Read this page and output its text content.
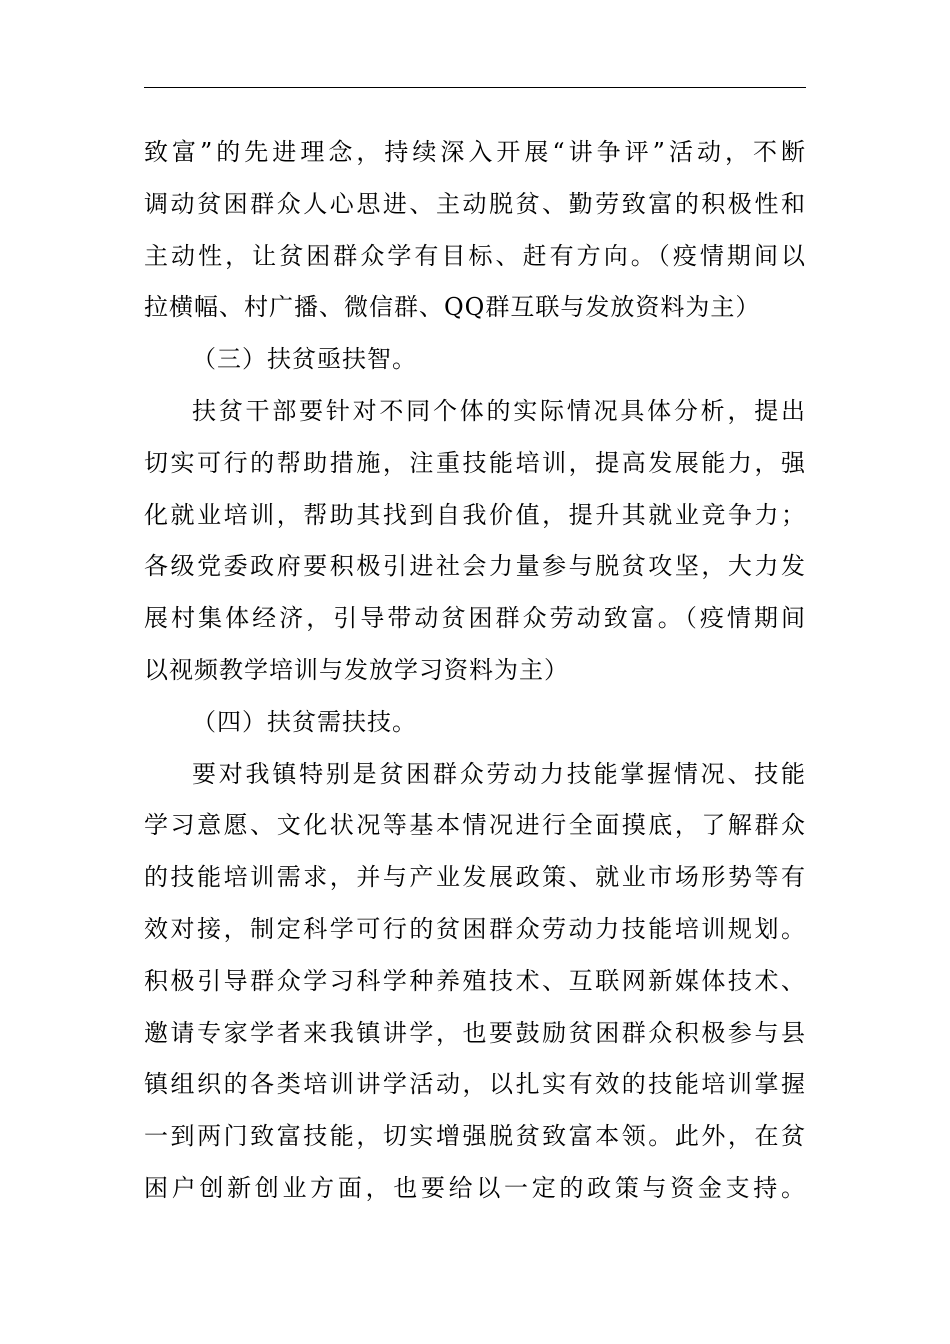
致富”的先进理念，持续深入开展“讲争评”活动，不断
调动贫困群众人心思进、主动脱贫、勤劳致富的积极性和
主动性，让贫困群众学有目标、赶有方向。（疫情期间以
拉横幅、村广播、微信群、QQ群互联与发放资料为主）
（三）扶贫亟扶智。
扶贫干部要针对不同个体的实际情况具体分析，提出
切实可行的帮助措施，注重技能培训，提高发展能力，强
化就业培训，帮助其找到自我价值，提升其就业竞争力；
各级党委政府要积极引进社会力量参与脱贫攻坚，大力发
展村集体经济，引导带动贫困群众劳动致富。（疫情期间
以视频教学培训与发放学习资料为主）
（四）扶贫需扶技。
要对我镇特别是贫困群众劳动力技能掌握情况、技能
学习意愿、文化状况等基本情况进行全面摸底，了解群众
的技能培训需求，并与产业发展政策、就业市场形势等有
效对接，制定科学可行的贫困群众劳动力技能培训规划。
积极引导群众学习科学种养殖技术、互联网新媒体技术、
邀请专家学者来我镇讲学，也要鼓励贫困群众积极参与县
镇组织的各类培训讲学活动，以扎实有效的技能培训掌握
一到两门致富技能，切实增强脱贫致富本领。此外，在贫
困户创新创业方面，也要给以一定的政策与资金支持。
